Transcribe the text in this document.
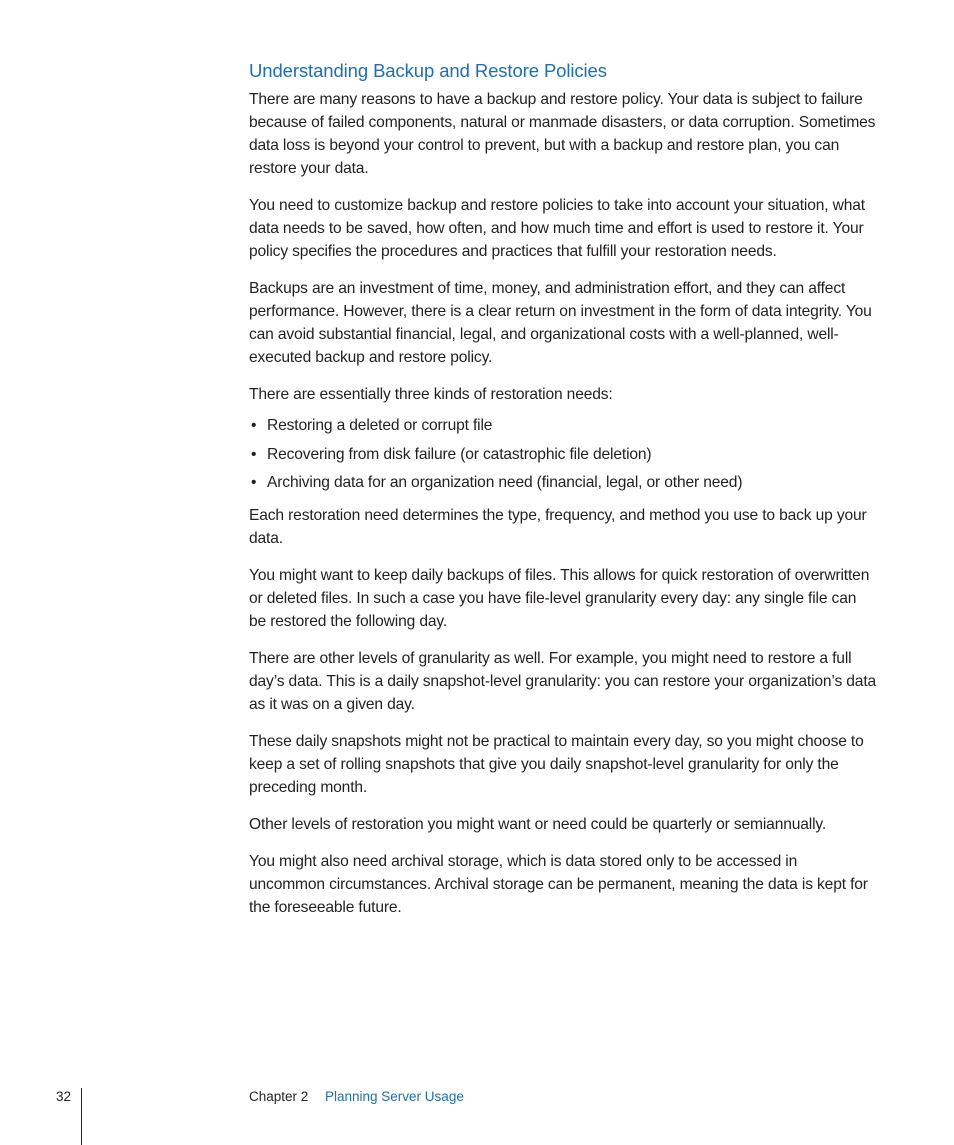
Understanding Backup and Restore Policies

There are many reasons to have a backup and restore policy. Your data is subject to failure because of failed components, natural or manmade disasters, or data corruption. Sometimes data loss is beyond your control to prevent, but with a backup and restore plan, you can restore your data.

You need to customize backup and restore policies to take into account your situation, what data needs to be saved, how often, and how much time and effort is used to restore it. Your policy specifies the procedures and practices that fulfill your restoration needs.

Backups are an investment of time, money, and administration effort, and they can affect performance. However, there is a clear return on investment in the form of data integrity. You can avoid substantial financial, legal, and organizational costs with a well-planned, well-executed backup and restore policy.

There are essentially three kinds of restoration needs:

• Restoring a deleted or corrupt file
• Recovering from disk failure (or catastrophic file deletion)
• Archiving data for an organization need (financial, legal, or other need)

Each restoration need determines the type, frequency, and method you use to back up your data.

You might want to keep daily backups of files. This allows for quick restoration of overwritten or deleted files. In such a case you have file-level granularity every day: any single file can be restored the following day.

There are other levels of granularity as well. For example, you might need to restore a full day’s data. This is a daily snapshot-level granularity: you can restore your organization’s data as it was on a given day.

These daily snapshots might not be practical to maintain every day, so you might choose to keep a set of rolling snapshots that give you daily snapshot-level granularity for only the preceding month.

Other levels of restoration you might want or need could be quarterly or semiannually.

You might also need archival storage, which is data stored only to be accessed in uncommon circumstances. Archival storage can be permanent, meaning the data is kept for the foreseeable future.

32	Chapter 2 Planning Server Usage
